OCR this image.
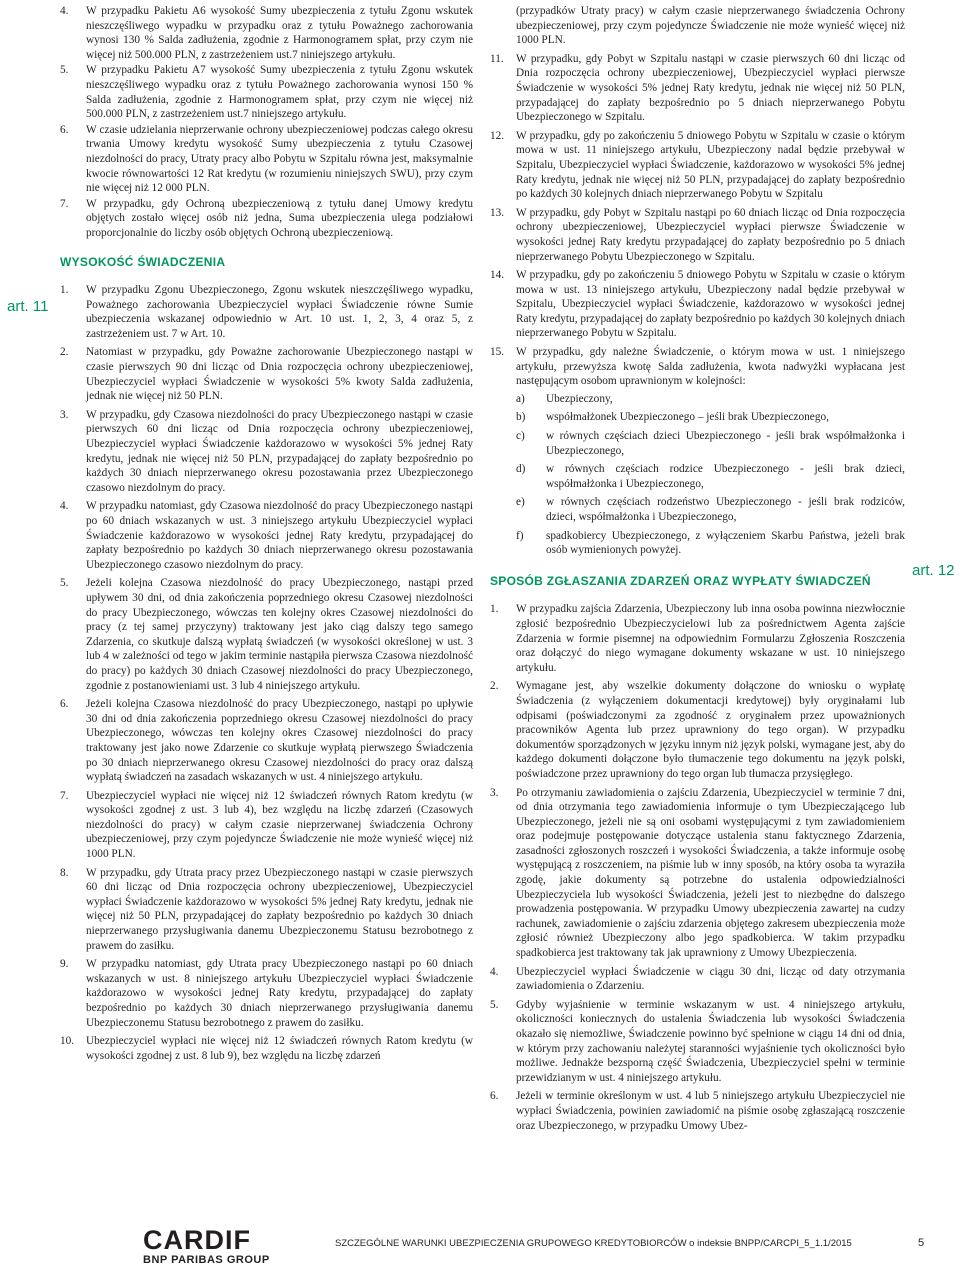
4. W przypadku Pakietu A6 wysokość Sumy ubezpieczenia z tytułu Zgonu wskutek nieszczęśliwego wypadku w przypadku oraz z tytułu Poważnego zachorowania wynosi 130 % Salda zadłużenia, zgodnie z Harmonogramem spłat, przy czym nie więcej niż 500.000 PLN, z zastrzeżeniem ust.7 niniejszego artykułu.
5. W przypadku Pakietu A7 wysokość Sumy ubezpieczenia z tytułu Zgonu wskutek nieszczęśliwego wypadku oraz z tytułu Poważnego zachorowania wynosi 150 % Salda zadłużenia, zgodnie z Harmonogramem spłat, przy czym nie więcej niż 500.000 PLN, z zastrzeżeniem ust.7 niniejszego artykułu.
6. W czasie udzielania nieprzerwanie ochrony ubezpieczeniowej podczas całego okresu trwania Umowy kredytu wysokość Sumy ubezpieczenia z tytułu Czasowej niezdolności do pracy, Utraty pracy albo Pobytu w Szpitalu równa jest, maksymalnie kwocie równowartości 12 Rat kredytu (w rozumieniu niniejszych SWU), przy czym nie więcej niż 12 000 PLN.
7. W przypadku, gdy Ochroną ubezpieczeniową z tytułu danej Umowy kredytu objętych zostało więcej osób niż jedna, Suma ubezpieczenia ulega podziałowi proporcjonalnie do liczby osób objętych Ochroną ubezpieczeniową.
WYSOKOŚĆ ŚWIADCZENIA
1. W przypadku Zgonu Ubezpieczonego, Zgonu wskutek nieszczęśliwego wypadku, Poważnego zachorowania Ubezpieczyciel wypłaci Świadczenie równe Sumie ubezpieczenia wskazanej odpowiednio w Art. 10 ust. 1, 2, 3, 4 oraz 5, z zastrzeżeniem ust. 7 w Art. 10.
2. Natomiast w przypadku, gdy Poważne zachorowanie Ubezpieczonego nastąpi w czasie pierwszych 90 dni licząc od Dnia rozpoczęcia ochrony ubezpieczeniowej, Ubezpieczyciel wypłaci Świadczenie w wysokości 5% kwoty Salda zadłużenia, jednak nie więcej niż 50 PLN.
3. W przypadku, gdy Czasowa niezdolności do pracy Ubezpieczonego nastąpi w czasie pierwszych 60 dni licząc od Dnia rozpoczęcia ochrony ubezpieczeniowej, Ubezpieczyciel wypłaci Świadczenie każdorazowo w wysokości 5% jednej Raty kredytu, jednak nie więcej niż 50 PLN, przypadającej do zapłaty bezpośrednio po każdych 30 dniach nieprzerwanego okresu pozostawania przez Ubezpieczonego czasowo niezdolnym do pracy.
4. W przypadku natomiast, gdy Czasowa niezdolność do pracy Ubezpieczonego nastąpi po 60 dniach wskazanych w ust. 3 niniejszego artykułu Ubezpieczyciel wypłaci Świadczenie każdorazowo w wysokości jednej Raty kredytu, przypadającej do zapłaty bezpośrednio po każdych 30 dniach nieprzerwanego okresu pozostawania Ubezpieczonego czasowo niezdolnym do pracy.
5. Jeżeli kolejna Czasowa niezdolność do pracy Ubezpieczonego, nastąpi przed upływem 30 dni, od dnia zakończenia poprzedniego okresu Czasowej niezdolności do pracy Ubezpieczonego, wówczas ten kolejny okres Czasowej niezdolności do pracy (z tej samej przyczyny) traktowany jest jako ciąg dalszy tego samego Zdarzenia, co skutkuje dalszą wypłatą świadczeń (w wysokości określonej w ust. 3 lub 4 w zależności od tego w jakim terminie nastąpiła pierwsza Czasowa niezdolność do pracy) po każdych 30 dniach Czasowej niezdolności do pracy Ubezpieczonego, zgodnie z postanowieniami ust. 3 lub 4 niniejszego artykułu.
6. Jeżeli kolejna Czasowa niezdolność do pracy Ubezpieczonego, nastąpi po upływie 30 dni od dnia zakończenia poprzedniego okresu Czasowej niezdolności do pracy Ubezpieczonego, wówczas ten kolejny okres Czasowej niezdolności do pracy traktowany jest jako nowe Zdarzenie co skutkuje wypłatą pierwszego Świadczenia po 30 dniach nieprzerwanego okresu Czasowej niezdolności do pracy oraz dalszą wypłatą świadczeń na zasadach wskazanych w ust. 4 niniejszego artykułu.
7. Ubezpieczyciel wypłaci nie więcej niż 12 świadczeń równych Ratom kredytu (w wysokości zgodnej z ust. 3 lub 4), bez względu na liczbę zdarzeń (Czasowych niezdolności do pracy) w całym czasie nieprzerwanej świadczenia Ochrony ubezpieczeniowej, przy czym pojedyncze Świadczenie nie może wynieść więcej niż 1000 PLN.
8. W przypadku, gdy Utrata pracy przez Ubezpieczonego nastąpi w czasie pierwszych 60 dni licząc od Dnia rozpoczęcia ochrony ubezpieczeniowej, Ubezpieczyciel wypłaci Świadczenie każdorazowo w wysokości 5% jednej Raty kredytu, jednak nie więcej niż 50 PLN, przypadającej do zapłaty bezpośrednio po każdych 30 dniach nieprzerwanego przysługiwania danemu Ubezpieczonemu Statusu bezrobotnego z prawem do zasiłku.
9. W przypadku natomiast, gdy Utrata pracy Ubezpieczonego nastąpi po 60 dniach wskazanych w ust. 8 niniejszego artykułu Ubezpieczyciel wypłaci Świadczenie każdorazowo w wysokości jednej Raty kredytu, przypadającej do zapłaty bezpośrednio po każdych 30 dniach nieprzerwanego przysługiwania danemu Ubezpieczonemu Statusu bezrobotnego z prawem do zasiłku.
10. Ubezpieczyciel wypłaci nie więcej niż 12 świadczeń równych Ratom kredytu (w wysokości zgodnej z ust. 8 lub 9), bez względu na liczbę zdarzeń
(przypadków Utraty pracy) w całym czasie nieprzerwanego świadczenia Ochrony ubezpieczeniowej, przy czym pojedyncze Świadczenie nie może wynieść więcej niż 1000 PLN.
11. W przypadku, gdy Pobyt w Szpitalu nastąpi w czasie pierwszych 60 dni licząc od Dnia rozpoczęcia ochrony ubezpieczeniowej, Ubezpieczyciel wypłaci pierwsze Świadczenie w wysokości 5% jednej Raty kredytu, jednak nie więcej niż 50 PLN, przypadającej do zapłaty bezpośrednio po 5 dniach nieprzerwanego Pobytu Ubezpieczonego w Szpitalu.
12. W przypadku, gdy po zakończeniu 5 dniowego Pobytu w Szpitalu w czasie o którym mowa w ust. 11 niniejszego artykułu, Ubezpieczony nadal będzie przebywał w Szpitalu, Ubezpieczyciel wypłaci Świadczenie, każdorazowo w wysokości 5% jednej Raty kredytu, jednak nie więcej niż 50 PLN, przypadającej do zapłaty bezpośrednio po każdych 30 kolejnych dniach nieprzerwanego Pobytu w Szpitalu
13. W przypadku, gdy Pobyt w Szpitalu nastąpi po 60 dniach licząc od Dnia rozpoczęcia ochrony ubezpieczeniowej, Ubezpieczyciel wypłaci pierwsze Świadczenie w wysokości jednej Raty kredytu przypadającej do zapłaty bezpośrednio po 5 dniach nieprzerwanego Pobytu Ubezpieczonego w Szpitalu.
14. W przypadku, gdy po zakończeniu 5 dniowego Pobytu w Szpitalu w czasie o którym mowa w ust. 13 niniejszego artykułu, Ubezpieczony nadal będzie przebywał w Szpitalu, Ubezpieczyciel wypłaci Świadczenie, każdorazowo w wysokości jednej Raty kredytu, przypadającej do zapłaty bezpośrednio po każdych 30 kolejnych dniach nieprzerwanego Pobytu w Szpitalu.
15. W przypadku, gdy należne Świadczenie, o którym mowa w ust. 1 niniejszego artykułu, przewyższa kwotę Salda zadłużenia, kwota nadwyżki wypłacana jest następującym osobom uprawnionym w kolejności:
a) Ubezpieczony,
b) współmałżonek Ubezpieczonego – jeśli brak Ubezpieczonego,
c) w równych częściach dzieci Ubezpieczonego - jeśli brak współmałżonka i Ubezpieczonego,
d) w równych częściach rodzice Ubezpieczonego - jeśli brak dzieci, współmałżonka i Ubezpieczonego,
e) w równych częściach rodzeństwo Ubezpieczonego - jeśli brak rodziców, dzieci, współmałżonka i Ubezpieczonego,
f) spadkobiercy Ubezpieczonego, z wyłączeniem Skarbu Państwa, jeżeli brak osób wymienionych powyżej.
SPOSÓB ZGŁASZANIA ZDARZEŃ ORAZ WYPŁATY ŚWIADCZEŃ
1. W przypadku zajścia Zdarzenia, Ubezpieczony lub inna osoba powinna niezwłocznie zgłosić bezpośrednio Ubezpieczycielowi lub za pośrednictwem Agenta zajście Zdarzenia w formie pisemnej na odpowiednim Formularzu Zgłoszenia Roszczenia oraz dołączyć do niego wymagane dokumenty wskazane w ust. 10 niniejszego artykułu.
2. Wymagane jest, aby wszelkie dokumenty dołączone do wniosku o wypłatę Świadczenia (z wyłączeniem dokumentacji kredytowej) były oryginałami lub odpisami (poświadczonymi za zgodność z oryginałem przez upoważnionych pracowników Agenta lub przez uprawniony do tego organ). W przypadku dokumentów sporządzonych w języku innym niż język polski, wymagane jest, aby do każdego dokumenti dołączone było tłumaczenie tego dokumentu na język polski, poświadczone przez uprawniony do tego organ lub tłumacza przysięgłego.
3. Po otrzymaniu zawiadomienia o zajściu Zdarzenia, Ubezpieczyciel w terminie 7 dni, od dnia otrzymania tego zawiadomienia informuje o tym Ubezpieczającego lub Ubezpieczonego, jeżeli nie są oni osobami występującymi z tym zawiadomieniem oraz podejmuje postępowanie dotyczące ustalenia stanu faktycznego Zdarzenia, zasadności zgłoszonych roszczeń i wysokości Świadczenia, a także informuje osobę występującą z roszczeniem, na piśmie lub w inny sposób, na który osoba ta wyraziła zgodę, jakie dokumenty są potrzebne do ustalenia odpowiedzialności Ubezpieczyciela lub wysokości Świadczenia, jeżeli jest to niezbędne do dalszego prowadzenia postępowania. W przypadku Umowy ubezpieczenia zawartej na cudzy rachunek, zawiadomienie o zajściu zdarzenia objętego zakresem ubezpieczenia może zgłosić również Ubezpieczony albo jego spadkobierca. W takim przypadku spadkobierca jest traktowany tak jak uprawniony z Umowy Ubezpieczenia.
4. Ubezpieczyciel wypłaci Świadczenie w ciągu 30 dni, licząc od daty otrzymania zawiadomienia o Zdarzeniu.
5. Gdyby wyjaśnienie w terminie wskazanym w ust. 4 niniejszego artykułu, okoliczności koniecznych do ustalenia Świadczenia lub wysokości Świadczenia okazało się niemożliwe, Świadczenie powinno być spełnione w ciągu 14 dni od dnia, w którym przy zachowaniu należytej staranności wyjaśnienie tych okoliczności było możliwe. Jednakże bezsporną część Świadczenia, Ubezpieczyciel spełni w terminie przewidzianym w ust. 4 niniejszego artykułu.
6. Jeżeli w terminie określonym w ust. 4 lub 5 niniejszego artykułu Ubezpieczyciel nie wypłaci Świadczenia, powinien zawiadomić na piśmie osobę zgłaszającą roszczenie oraz Ubezpieczonego, w przypadku Umowy Ubez-
art. 11
art. 12
CARDIF
BNP PARIBAS GROUP
SZCZEGÓLNE WARUNKI UBEZPIECZENIA GRUPOWEGO KREDYTOBIORCÓW o indeksie BNPP/CARCPI_5_1.1/2015	5
